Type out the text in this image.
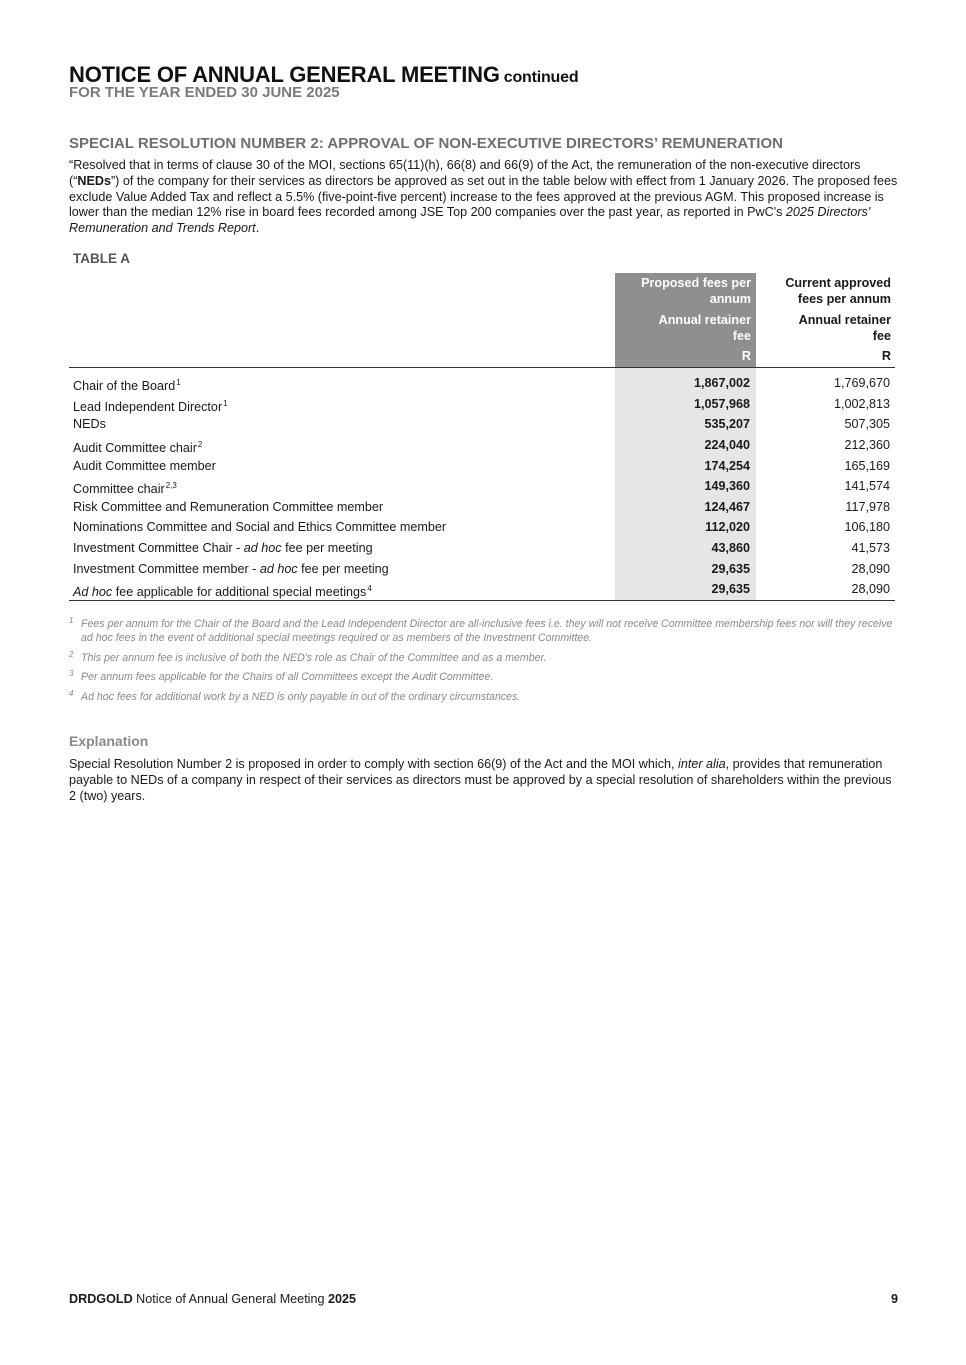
NOTICE OF ANNUAL GENERAL MEETING continued
FOR THE YEAR ENDED 30 JUNE 2025
SPECIAL RESOLUTION NUMBER 2: APPROVAL OF NON-EXECUTIVE DIRECTORS’ REMUNERATION
“Resolved that in terms of clause 30 of the MOI, sections 65(11)(h), 66(8) and 66(9) of the Act, the remuneration of the non-executive directors (“NEDs”) of the company for their services as directors be approved as set out in the table below with effect from 1 January 2026. The proposed fees exclude Value Added Tax and reflect a 5.5% (five-point-five percent) increase to the fees approved at the previous AGM. This proposed increase is lower than the median 12% rise in board fees recorded among JSE Top 200 companies over the past year, as reported in PwC's 2025 Directors' Remuneration and Trends Report.
TABLE A
Proposed fees per annum
Annual retainer fee
R
Current approved fees per annum
Annual retainer fee
R
Chair of the Board$^1$	1,867,002	1,769,670
Lead Independent Director$^1$	1,057,968	1,002,813
NEDs	535,207	507,305
Audit Committee chair$^2$	224,040	212,360
Audit Committee member	174,254	165,169
Committee chair$^{2,3}$	149,360	141,574
Risk Committee and Remuneration Committee member	124,467	117,978
Nominations Committee and Social and Ethics Committee member	112,020	106,180
Investment Committee Chair - ad hoc fee per meeting	43,860	41,573
Investment Committee member - ad hoc fee per meeting	29,635	28,090
Ad hoc fee applicable for additional special meetings$^4$	29,635	28,090
1 Fees per annum for the Chair of the Board and the Lead Independent Director are all-inclusive fees i.e. they will not receive Committee membership fees nor will they receive ad hoc fees in the event of additional special meetings required or as members of the Investment Committee.
2 This per annum fee is inclusive of both the NED's role as Chair of the Committee and as a member.
3 Per annum fees applicable for the Chairs of all Committees except the Audit Committee.
4 Ad hoc fees for additional work by a NED is only payable in out of the ordinary circumstances.
Explanation
Special Resolution Number 2 is proposed in order to comply with section 66(9) of the Act and the MOI which, inter alia, provides that remuneration payable to NEDs of a company in respect of their services as directors must be approved by a special resolution of shareholders within the previous 2 (two) years.
DRDGOLD Notice of Annual General Meeting 2025	9
